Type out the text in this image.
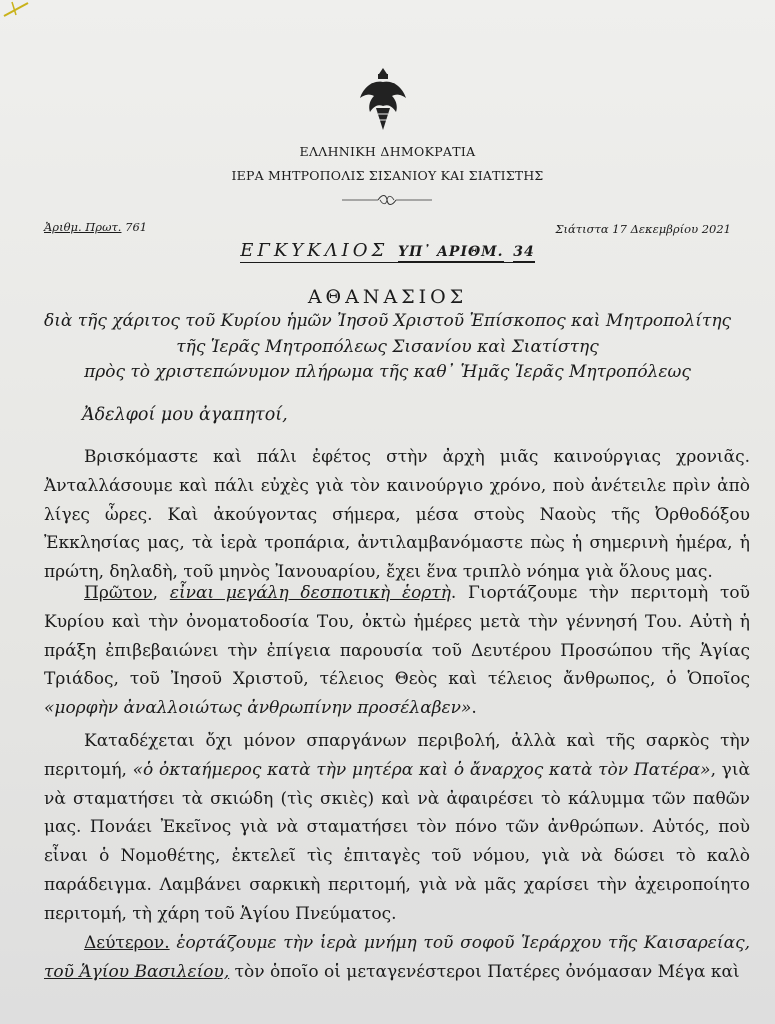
ΕΛΛΗΝΙΚΗ ΔΗΜΟΚΡΑΤΙΑ
ΙΕΡΑ ΜΗΤΡΟΠΟΛΙΣ ΣΙΣΑΝΙΟΥ ΚΑΙ ΣΙΑΤΙΣΤΗΣ
Ἀριθμ. Πρωτ. 761	Σιάτιστα 17 Δεκεμβρίου 2021
ΕΓΚΥΚΛΙΟΣ ΥΠ᾽ ΑΡΙΘΜ. 34
ΑΘΑΝΑΣΙΟΣ
διὰ τῆς χάριτος τοῦ Κυρίου ἡμῶν Ἰησοῦ Χριστοῦ Ἐπίσκοπος καὶ Μητροπολίτης
τῆς Ἱερᾶς Μητροπόλεως Σισανίου καὶ Σιατίστης
πρὸς τὸ χριστεπώνυμον πλήρωμα τῆς καθ᾽ Ἡμᾶς Ἱερᾶς Μητροπόλεως
Ἀδελφοί μου ἀγαπητοί,

Βρισκόμαστε καὶ πάλι ἐφέτος στὴν ἀρχὴ μιᾶς καινούργιας χρονιᾶς. Ἀνταλλάσουμε καὶ πάλι εὐχὲς γιὰ τὸν καινούργιο χρόνο, ποὺ ἀνέτειλε πρὶν ἀπὸ λίγες ὧρες. Καὶ ἀκούγοντας σήμερα, μέσα στοὺς Ναοὺς τῆς Ὀρθοδόξου Ἐκκλησίας μας, τὰ ἱερὰ τροπάρια, ἀντιλαμβανόμαστε πὼς ἡ σημερινὴ ἡμέρα, ἡ πρώτη, δηλαδὴ, τοῦ μηνὸς Ἰανουαρίου, ἔχει ἕνα τριπλὸ νόημα γιὰ ὅλους μας.

Πρῶτον, εἶναι μεγάλη δεσποτικὴ ἑορτὴ. Γιορτάζουμε τὴν περιτομὴ τοῦ Κυρίου καὶ τὴν ὀνοματοδοσία Του, ὀκτὼ ἡμέρες μετὰ τὴν γέννησή Του. Αὐτὴ ἡ πράξη ἐπιβεβαιώνει τὴν ἐπίγεια παρουσία τοῦ Δευτέρου Προσώπου τῆς Ἁγίας Τριάδος, τοῦ Ἰησοῦ Χριστοῦ, τέλειος Θεὸς καὶ τέλειος ἄνθρωπος, ὁ Ὁποῖος «μορφὴν ἀναλλοιώτως ἀνθρωπίνην προσέλαβεν».

Καταδέχεται ὄχι μόνον σπαργάνων περιβολή, ἀλλὰ καὶ τῆς σαρκὸς τὴν περιτομή, «ὁ ὀκταήμερος κατὰ τὴν μητέρα καὶ ὁ ἄναρχος κατὰ τὸν Πατέρα», γιὰ νὰ σταματήσει τὰ σκιώδη (τὶς σκιὲς) καὶ νὰ ἀφαιρέσει τὸ κάλυμμα τῶν παθῶν μας. Πονάει Ἐκεῖνος γιὰ νὰ σταματήσει τὸν πόνο τῶν ἀνθρώπων. Αὐτός, ποὺ εἶναι ὁ Νομοθέτης, ἐκτελεῖ τὶς ἐπιταγὲς τοῦ νόμου, γιὰ νὰ δώσει τὸ καλὸ παράδειγμα. Λαμβάνει σαρκικὴ περιτομή, γιὰ νὰ μᾶς χαρίσει τὴν ἀχειροποίητο περιτομή, τὴ χάρη τοῦ Ἁγίου Πνεύματος.

Δεύτερον. ἑορτάζουμε τὴν ἱερὰ μνήμη τοῦ σοφοῦ Ἱεράρχου τῆς Καισαρείας, τοῦ Ἁγίου Βασιλείου, τὸν ὁποῖο οἱ μεταγενέστεροι Πατέρες ὀνόμασαν Μέγα καὶ
